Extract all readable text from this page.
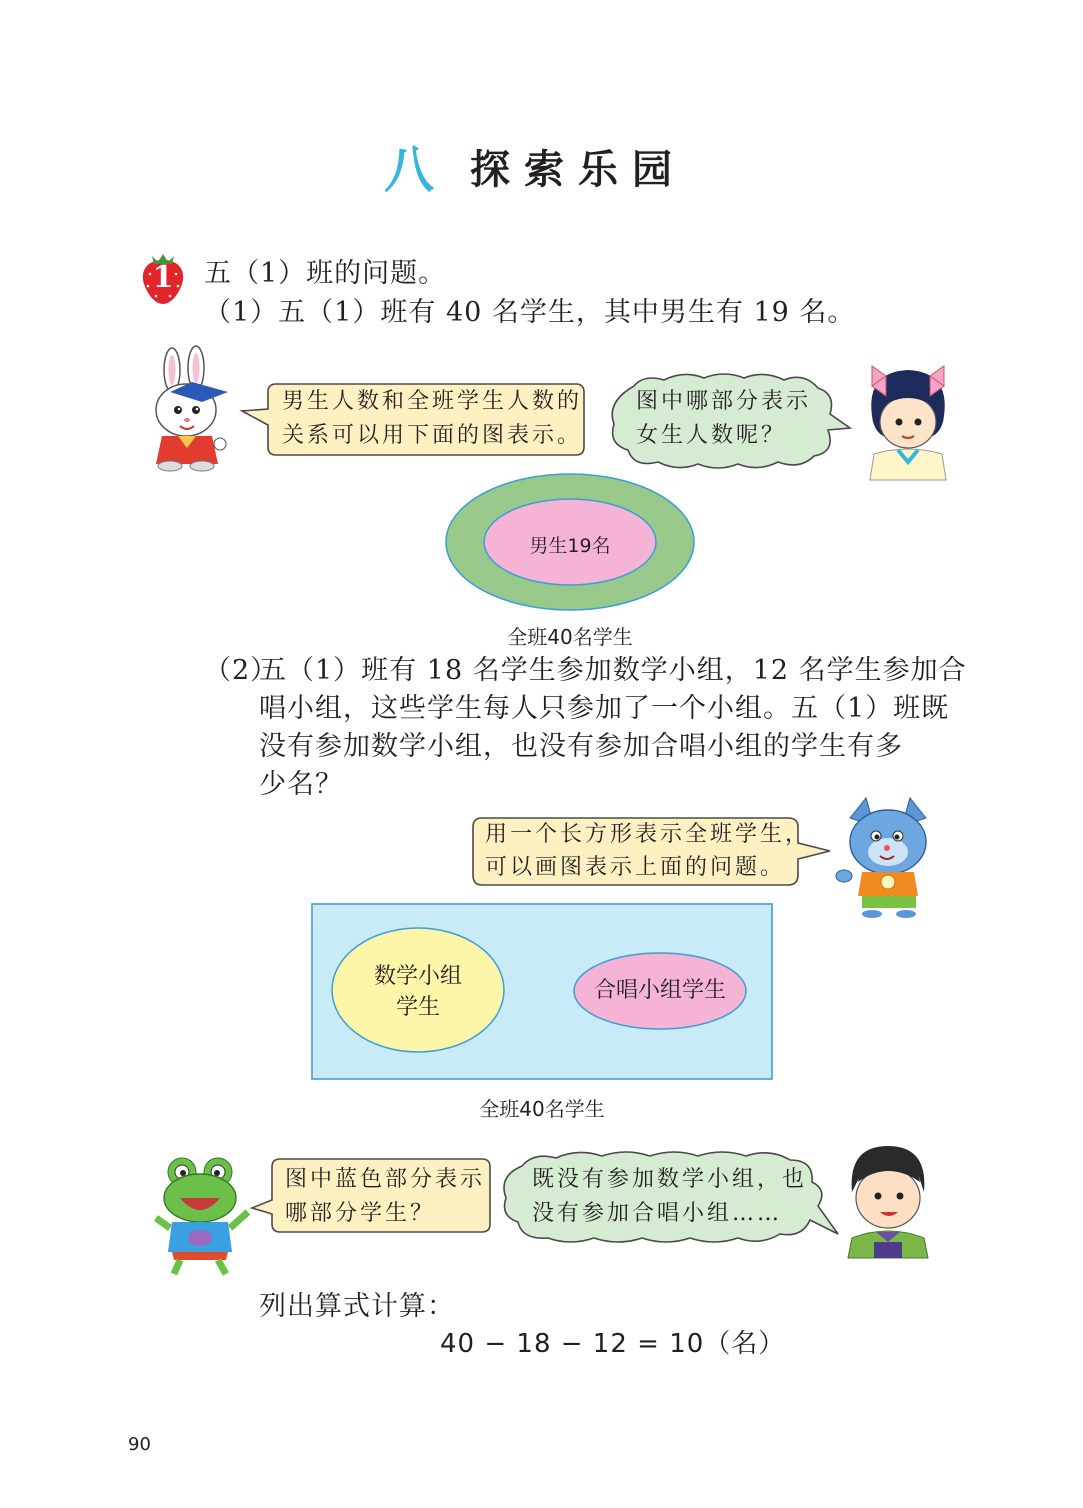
八 探索乐园
1 五（1）班的问题。
（1）五（1）班有 40 名学生，其中男生有 19 名。
男生人数和全班学生人数的
关系可以用下面的图表示。
图中哪部分表示
女生人数呢？
男生19名
全班40名学生
（2）
五（1）班有 18 名学生参加数学小组，12 名学生参加合
唱小组，这些学生每人只参加了一个小组。五（1）班既
没有参加数学小组，也没有参加合唱小组的学生有多
少名？
用一个长方形表示全班学生，
可以画图表示上面的问题。
数学小组
学生
合唱小组学生
全班40名学生
图中蓝色部分表示
哪部分学生？
既没有参加数学小组，也
没有参加合唱小组……
列出算式计算：
40 − 18 − 12 = 10（名）
90
